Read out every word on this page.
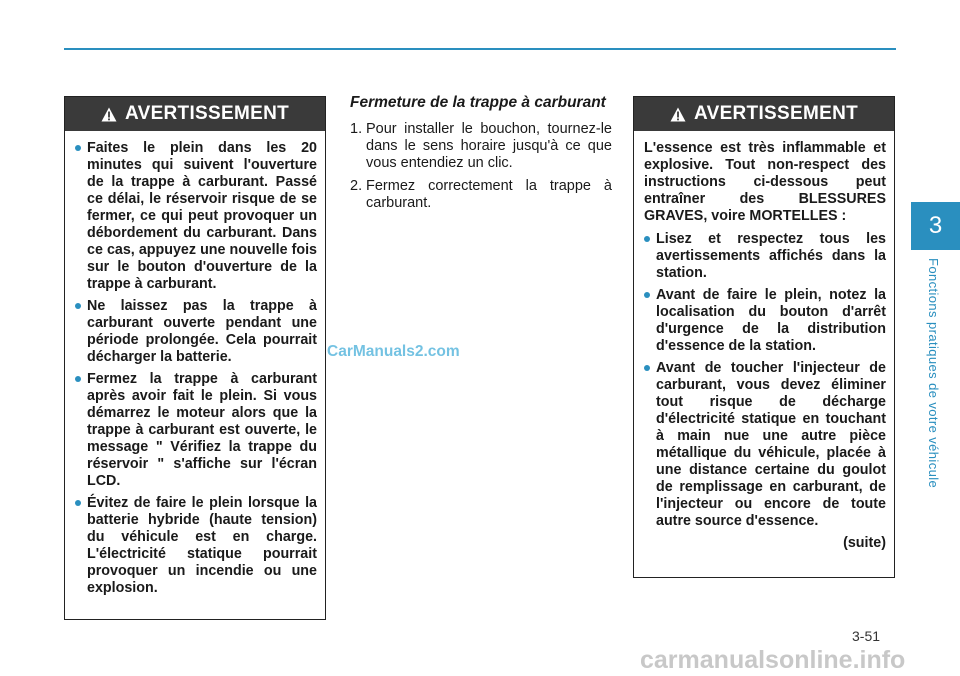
AVERTISSEMENT
Faites le plein dans les 20 minutes qui suivent l'ouverture de la trappe à carburant. Passé ce délai, le réservoir risque de se fermer, ce qui peut provoquer un débordement du carburant. Dans ce cas, appuyez une nouvelle fois sur le bouton d'ouverture de la trappe à carburant.
Ne laissez pas la trappe à carburant ouverte pendant une période prolongée. Cela pourrait décharger la batterie.
Fermez la trappe à carburant après avoir fait le plein. Si vous démarrez le moteur alors que la trappe à carburant est ouverte, le message " Vérifiez la trappe du réservoir " s'affiche sur l'écran LCD.
Évitez de faire le plein lorsque la batterie hybride (haute tension) du véhicule est en charge. L'électricité statique pourrait provoquer un incendie ou une explosion.
Fermeture de la trappe à carburant
1. Pour installer le bouchon, tournez-le dans le sens horaire jusqu'à ce que vous entendiez un clic.
2. Fermez correctement la trappe à carburant.
AVERTISSEMENT

L'essence est très inflammable et explosive. Tout non-respect des instructions ci-dessous peut entraîner des BLESSURES GRAVES, voire MORTELLES :

Lisez et respectez tous les avertissements affichés dans la station.
Avant de faire le plein, notez la localisation du bouton d'arrêt d'urgence de la distribution d'essence de la station.
Avant de toucher l'injecteur de carburant, vous devez éliminer tout risque de décharge d'électricité statique en touchant à main nue une autre pièce métallique du véhicule, placée à une distance certaine du goulot de remplissage en carburant, de l'injecteur ou encore de toute autre source d'essence.
(suite)
3
Fonctions pratiques de votre véhicule
3-51
CarManuals2.com
carmanualsonline.info
